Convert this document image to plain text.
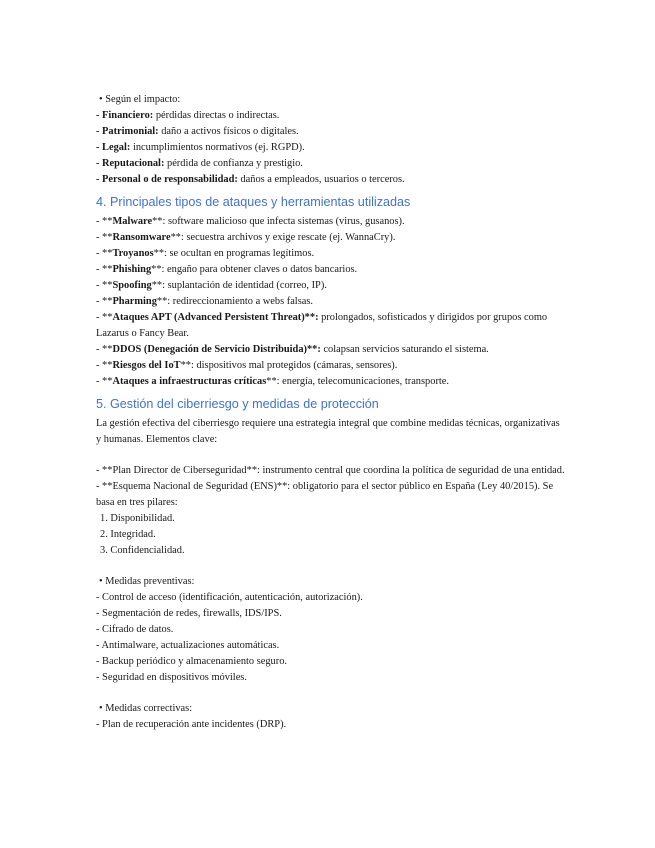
• Según el impacto:
- Financiero: pérdidas directas o indirectas.
- Patrimonial: daño a activos físicos o digitales.
- Legal: incumplimientos normativos (ej. RGPD).
- Reputacional: pérdida de confianza y prestigio.
- Personal o de responsabilidad: daños a empleados, usuarios o terceros.
4. Principales tipos de ataques y herramientas utilizadas
- **Malware**: software malicioso que infecta sistemas (virus, gusanos).
- **Ransomware**: secuestra archivos y exige rescate (ej. WannaCry).
- **Troyanos**: se ocultan en programas legítimos.
- **Phishing**: engaño para obtener claves o datos bancarios.
- **Spoofing**: suplantación de identidad (correo, IP).
- **Pharming**: redireccionamiento a webs falsas.
- **Ataques APT (Advanced Persistent Threat)**: prolongados, sofisticados y dirigidos por grupos como Lazarus o Fancy Bear.
- **DDOS (Denegación de Servicio Distribuida)**: colapsan servicios saturando el sistema.
- **Riesgos del IoT**: dispositivos mal protegidos (cámaras, sensores).
- **Ataques a infraestructuras críticas**: energía, telecomunicaciones, transporte.
5. Gestión del ciberriesgo y medidas de protección
La gestión efectiva del ciberriesgo requiere una estrategia integral que combine medidas técnicas, organizativas y humanas. Elementos clave:
- **Plan Director de Ciberseguridad**: instrumento central que coordina la política de seguridad de una entidad.
- **Esquema Nacional de Seguridad (ENS)**: obligatorio para el sector público en España (Ley 40/2015). Se basa en tres pilares:
1. Disponibilidad.
2. Integridad.
3. Confidencialidad.
• Medidas preventivas:
- Control de acceso (identificación, autenticación, autorización).
- Segmentación de redes, firewalls, IDS/IPS.
- Cifrado de datos.
- Antimalware, actualizaciones automáticas.
- Backup periódico y almacenamiento seguro.
- Seguridad en dispositivos móviles.
• Medidas correctivas:
- Plan de recuperación ante incidentes (DRP).
